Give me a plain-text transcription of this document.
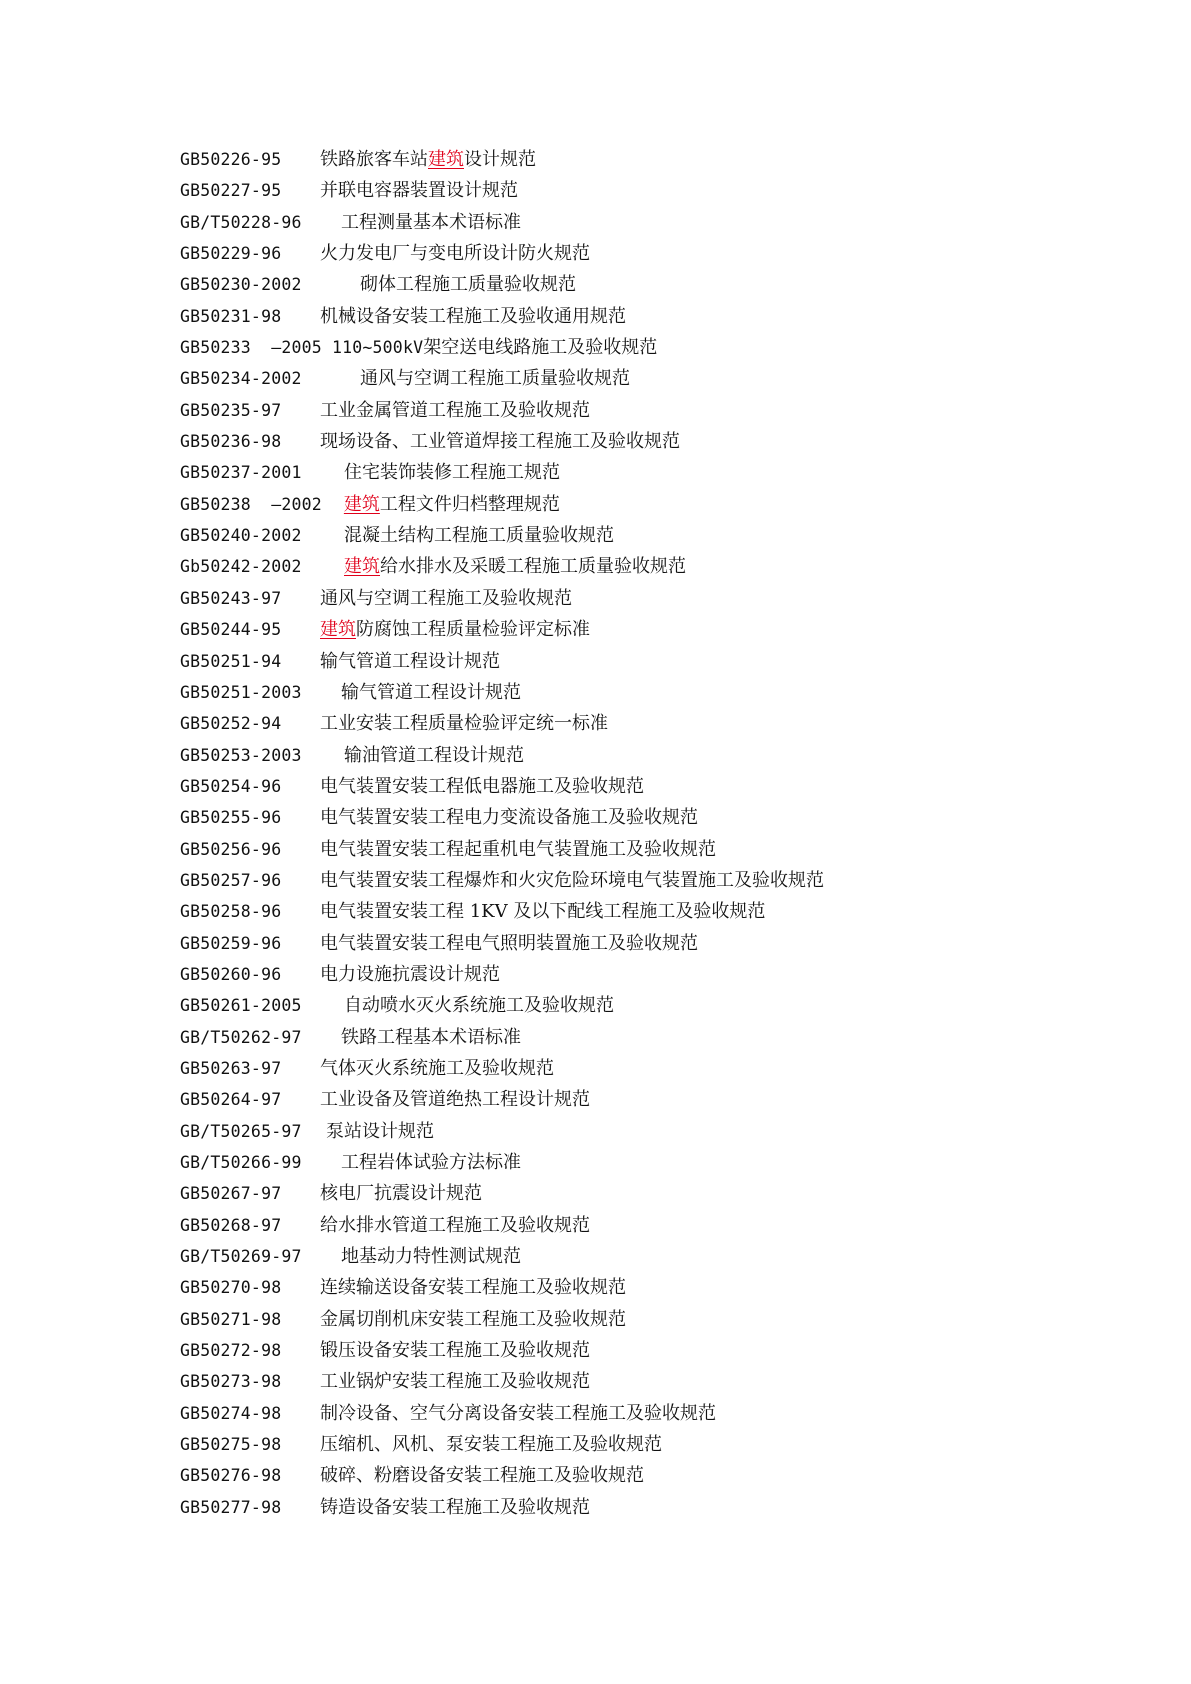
GB50226-95 铁路旅客车站建筑设计规范
GB50227-95 并联电容器装置设计规范
GB/T50228-96 工程测量基本术语标准
GB50229-96 火力发电厂与变电所设计防火规范
GB50230-2002	砌体工程施工质量验收规范
GB50231-98 机械设备安装工程施工及验收通用规范
GB50233  —2005 110~500kV架空送电线路施工及验收规范
GB50234-2002	通风与空调工程施工质量验收规范
GB50235-97 工业金属管道工程施工及验收规范
GB50236-98 现场设备、工业管道焊接工程施工及验收规范
GB50237-2001 住宅装饰装修工程施工规范
GB50238  —2002 建筑工程文件归档整理规范
GB50240-2002 混凝土结构工程施工质量验收规范
Gb50242-2002 建筑给水排水及采暖工程施工质量验收规范
GB50243-97 通风与空调工程施工及验收规范
GB50244-95 建筑防腐蚀工程质量检验评定标准
GB50251-94 输气管道工程设计规范
GB50251-2003 输气管道工程设计规范
GB50252-94 工业安装工程质量检验评定统一标准
GB50253-2003 输油管道工程设计规范
GB50254-96 电气装置安装工程低电器施工及验收规范
GB50255-96 电气装置安装工程电力变流设备施工及验收规范
GB50256-96 电气装置安装工程起重机电气装置施工及验收规范
GB50257-96 电气装置安装工程爆炸和火灾危险环境电气装置施工及验收规范
GB50258-96 电气装置安装工程 1KV 及以下配线工程施工及验收规范
GB50259-96 电气装置安装工程电气照明装置施工及验收规范
GB50260-96 电力设施抗震设计规范
GB50261-2005 自动喷水灭火系统施工及验收规范
GB/T50262-97 铁路工程基本术语标准
GB50263-97 气体灭火系统施工及验收规范
GB50264-97 工业设备及管道绝热工程设计规范
GB/T50265-97 泵站设计规范
GB/T50266-99 工程岩体试验方法标准
GB50267-97 核电厂抗震设计规范
GB50268-97 给水排水管道工程施工及验收规范
GB/T50269-97 地基动力特性测试规范
GB50270-98 连续输送设备安装工程施工及验收规范
GB50271-98 金属切削机床安装工程施工及验收规范
GB50272-98 锻压设备安装工程施工及验收规范
GB50273-98 工业锅炉安装工程施工及验收规范
GB50274-98 制冷设备、空气分离设备安装工程施工及验收规范
GB50275-98 压缩机、风机、泵安装工程施工及验收规范
GB50276-98 破碎、粉磨设备安装工程施工及验收规范
GB50277-98 铸造设备安装工程施工及验收规范
